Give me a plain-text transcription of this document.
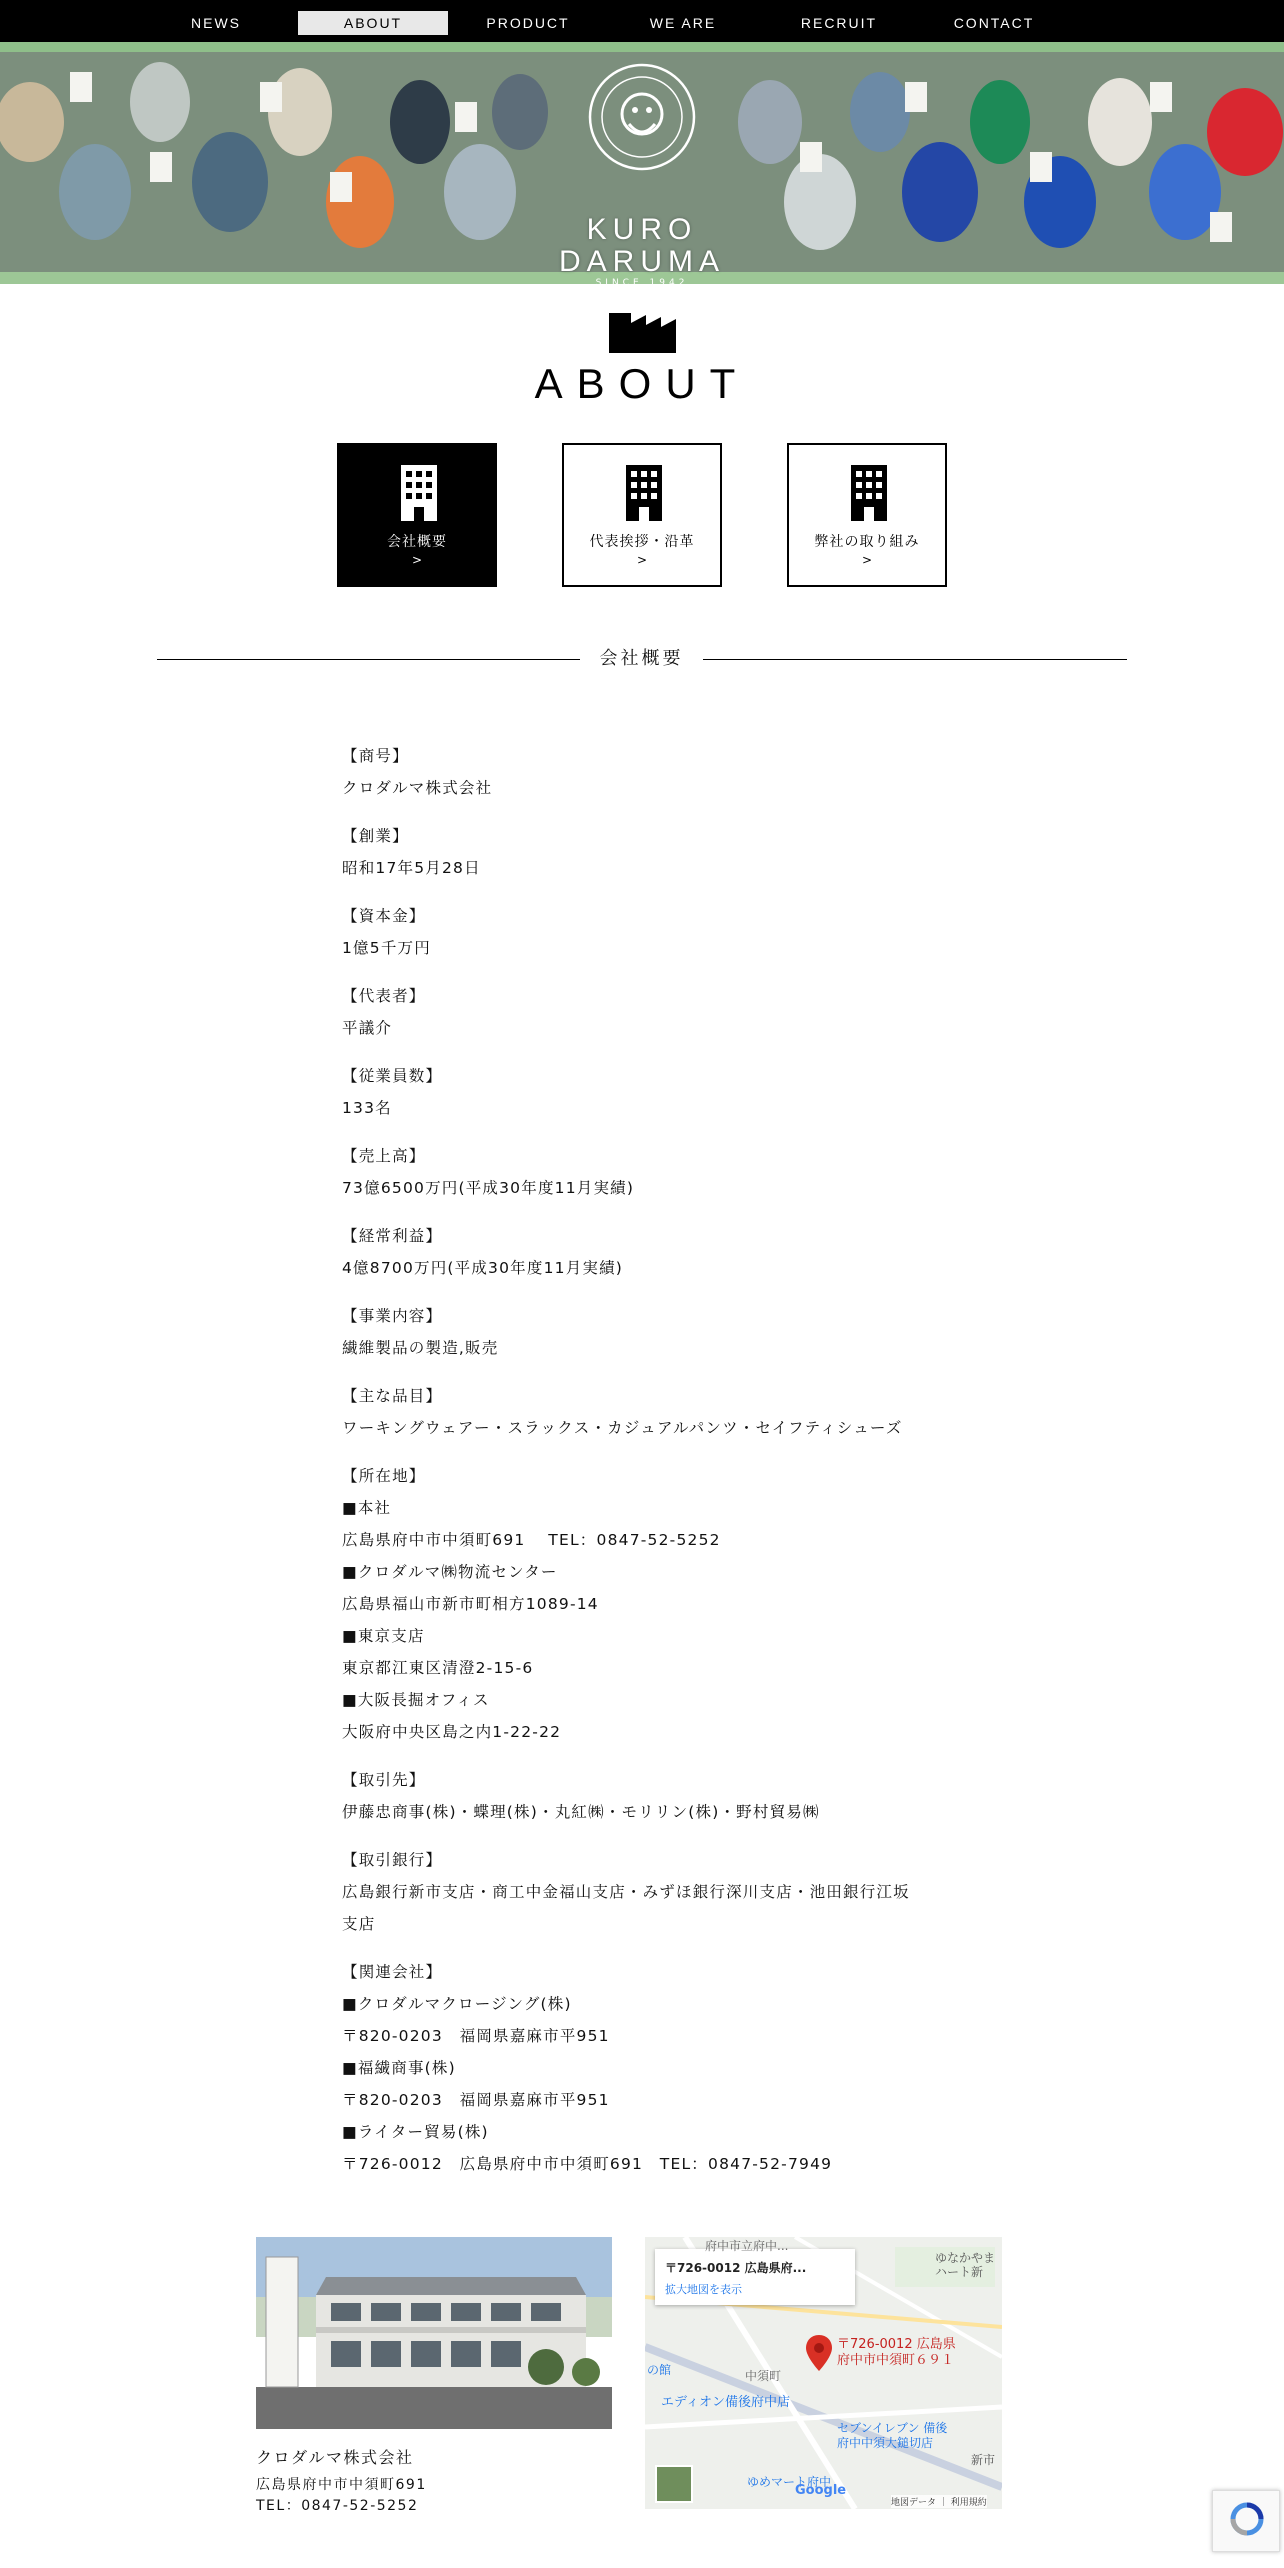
NEWS	ABOUT	PRODUCT	WE ARE	RECRUIT	CONTACT
KURO
DARUMA
SINCE 1942
ABOUT
会社概要
>
代表挨拶・沿革
>
弊社の取り組み
>
会社概要
【商号】
クロダルマ株式会社
【創業】
昭和17年5月28日
【資本金】
1億5千万円
【代表者】
平議介
【従業員数】
133名
【売上高】
73億6500万円(平成30年度11月実績)
【経常利益】
4億8700万円(平成30年度11月実績)
【事業内容】
繊維製品の製造,販売
【主な品目】
ワーキングウェアー・スラックス・カジュアルパンツ・セイフティシューズ
【所在地】
■本社
広島県府中市中須町691　 TEL：0847-52-5252
■クロダルマ㈱物流センター
広島県福山市新市町相方1089-14
■東京支店
東京都江東区清澄2-15-6
■大阪長掘オフィス
大阪府中央区島之内1-22-22
【取引先】
伊藤忠商事(株)・蝶理(株)・丸紅㈱・モリリン(株)・野村貿易㈱
【取引銀行】
広島銀行新市支店・商工中金福山支店・みずほ銀行深川支店・池田銀行江坂
支店
【関連会社】
■クロダルマクロージング(株)
〒820-0203　福岡県嘉麻市平951
■福繊商事(株)
〒820-0203　福岡県嘉麻市平951
■ライター貿易(株)
〒726-0012　広島県府中市中須町691　TEL：0847-52-7949
クロダルマ株式会社
広島県府中市中須町691
TEL：0847-52-5252
〒726-0012 広島県府...
拡大地図を表示
〒726-0012 広島県
府中市中須町６９１
府中市立府中...
ゆなかやま
ハート新
中須町
エディオン備後府中店
セブンイレブン 備後
府中中須大鎚切店
ゆめマート府中
新市
の館
Google
地図データ ｜ 利用規約
